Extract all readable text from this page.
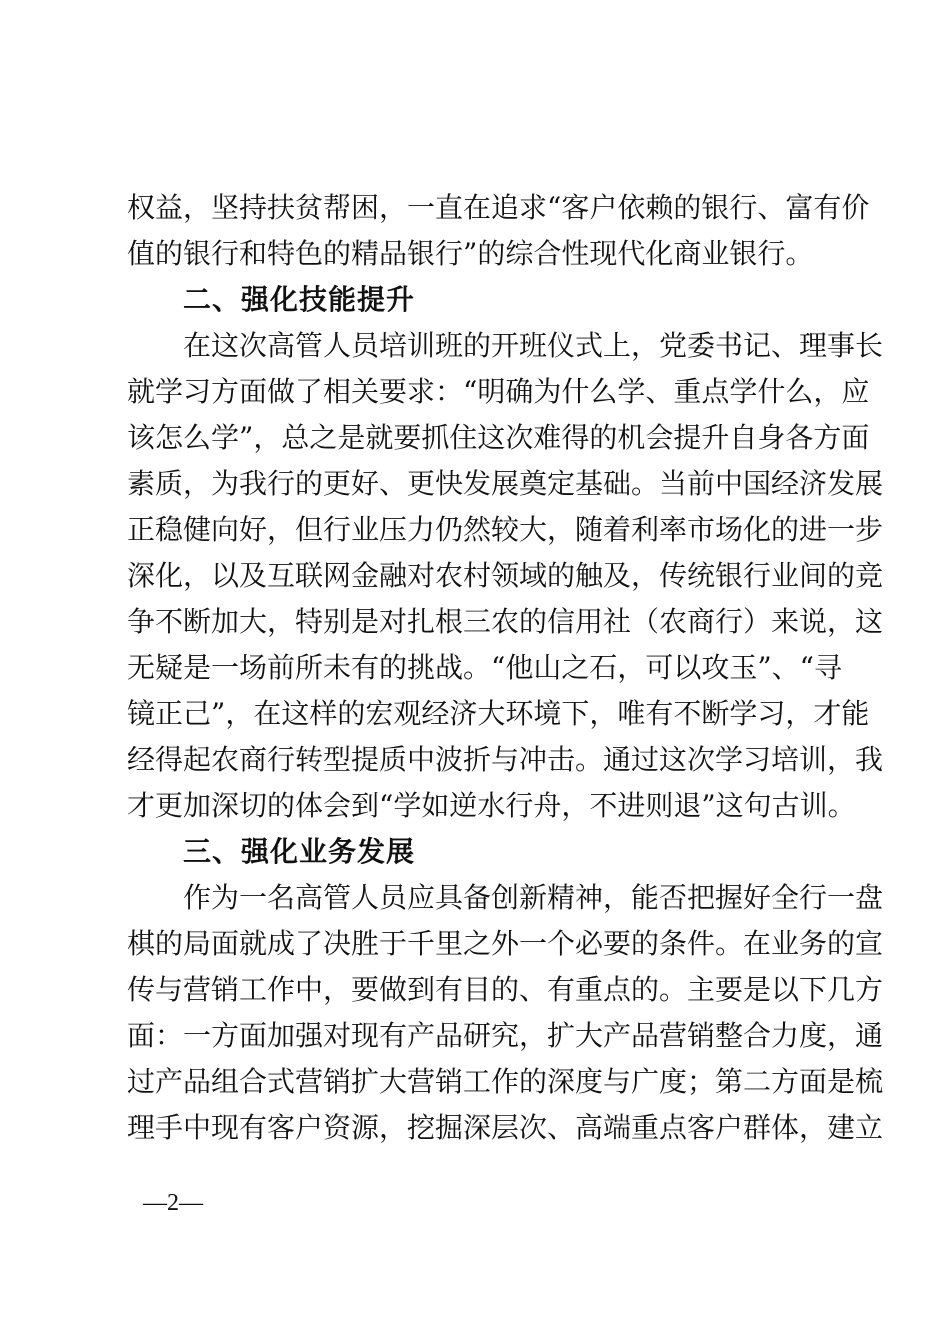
权益，坚持扶贫帮困，一直在追求“客户依赖的银行、富有价
值的银行和特色的精品银行”的综合性现代化商业银行。
二、强化技能提升
在这次高管人员培训班的开班仪式上，党委书记、理事长
就学习方面做了相关要求：“明确为什么学、重点学什么，应
该怎么学”，总之是就要抓住这次难得的机会提升自身各方面
素质，为我行的更好、更快发展奠定基础。当前中国经济发展
正稳健向好，但行业压力仍然较大，随着利率市场化的进一步
深化，以及互联网金融对农村领域的触及，传统银行业间的竞
争不断加大，特别是对扎根三农的信用社（农商行）来说，这
无疑是一场前所未有的挑战。“他山之石，可以攻玉”、“寻
镜正己”，在这样的宏观经济大环境下，唯有不断学习，才能
经得起农商行转型提质中波折与冲击。通过这次学习培训，我
才更加深切的体会到“学如逆水行舟，不进则退”这句古训。
三、强化业务发展
作为一名高管人员应具备创新精神，能否把握好全行一盘
棋的局面就成了决胜于千里之外一个必要的条件。在业务的宣
传与营销工作中，要做到有目的、有重点的。主要是以下几方
面：一方面加强对现有产品研究，扩大产品营销整合力度，通
过产品组合式营销扩大营销工作的深度与广度；第二方面是梳
理手中现有客户资源，挖掘深层次、高端重点客户群体，建立
—2—
